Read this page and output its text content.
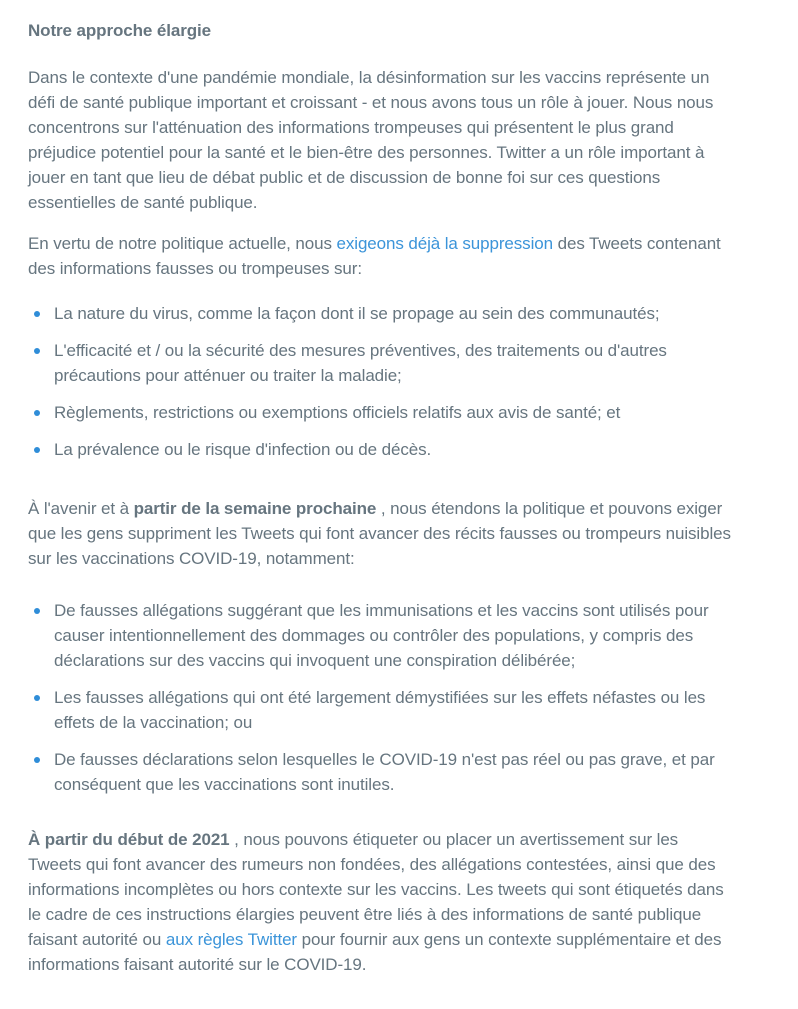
Notre approche élargie

Dans le contexte d'une pandémie mondiale, la désinformation sur les vaccins représente un défi de santé publique important et croissant - et nous avons tous un rôle à jouer. Nous nous concentrons sur l'atténuation des informations trompeuses qui présentent le plus grand préjudice potentiel pour la santé et le bien-être des personnes. Twitter a un rôle important à jouer en tant que lieu de débat public et de discussion de bonne foi sur ces questions essentielles de santé publique.

En vertu de notre politique actuelle, nous exigeons déjà la suppression des Tweets contenant des informations fausses ou trompeuses sur:

La nature du virus, comme la façon dont il se propage au sein des communautés;
L'efficacité et / ou la sécurité des mesures préventives, des traitements ou d'autres précautions pour atténuer ou traiter la maladie;
Règlements, restrictions ou exemptions officiels relatifs aux avis de santé; et
La prévalence ou le risque d'infection ou de décès.

À l'avenir et à partir de la semaine prochaine , nous étendons la politique et pouvons exiger que les gens suppriment les Tweets qui font avancer des récits fausses ou trompeurs nuisibles sur les vaccinations COVID-19, notamment:

De fausses allégations suggérant que les immunisations et les vaccins sont utilisés pour causer intentionnellement des dommages ou contrôler des populations, y compris des déclarations sur des vaccins qui invoquent une conspiration délibérée;
Les fausses allégations qui ont été largement démystifiées sur les effets néfastes ou les effets de la vaccination; ou
De fausses déclarations selon lesquelles le COVID-19 n'est pas réel ou pas grave, et par conséquent que les vaccinations sont inutiles.

À partir du début de 2021 , nous pouvons étiqueter ou placer un avertissement sur les Tweets qui font avancer des rumeurs non fondées, des allégations contestées, ainsi que des informations incomplètes ou hors contexte sur les vaccins. Les tweets qui sont étiquetés dans le cadre de ces instructions élargies peuvent être liés à des informations de santé publique faisant autorité ou aux règles Twitter pour fournir aux gens un contexte supplémentaire et des informations faisant autorité sur le COVID-19.
